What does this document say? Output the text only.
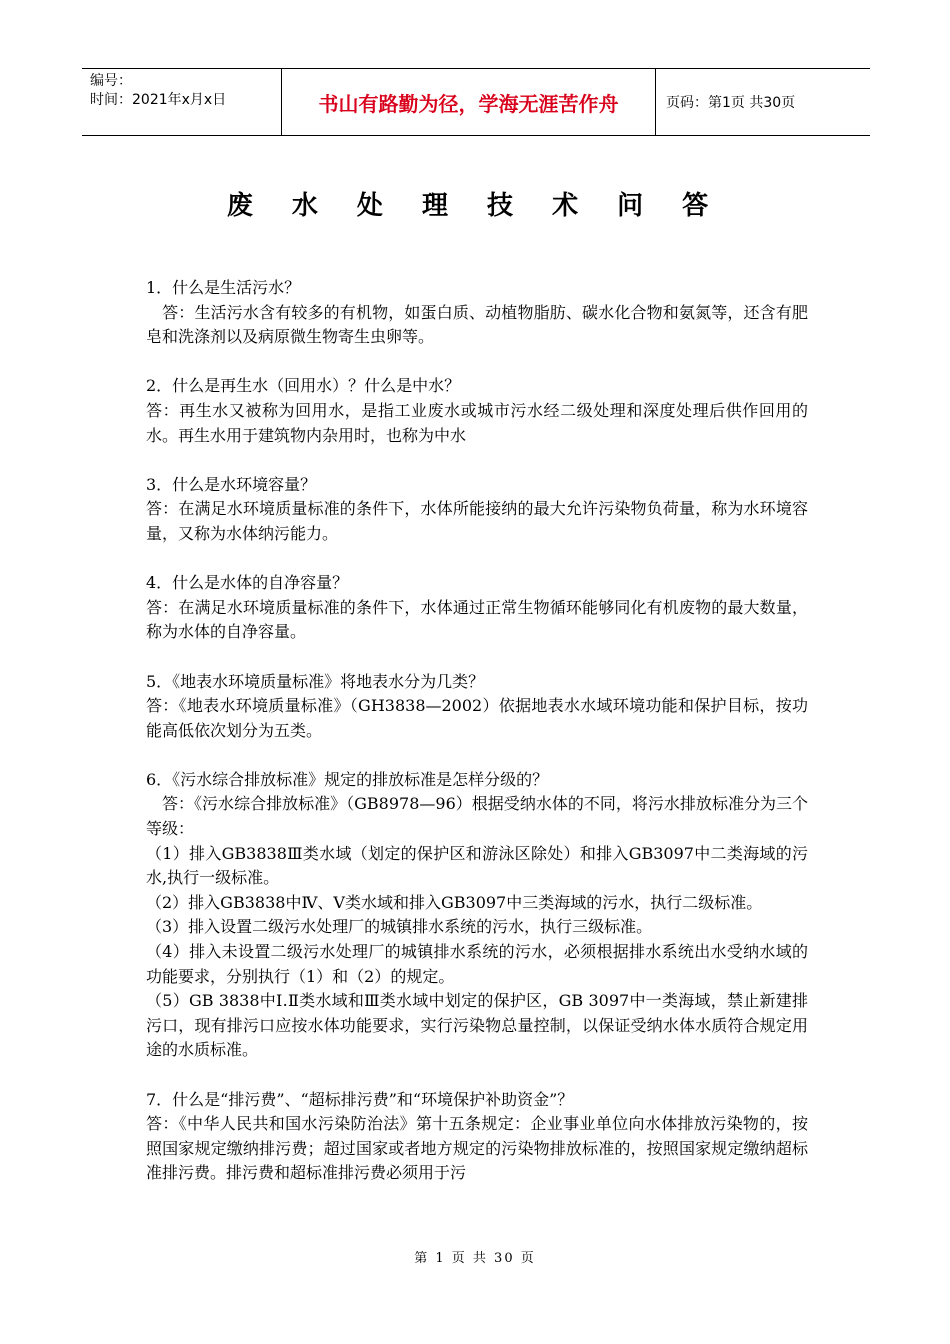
编号：
时间：2021年x月x日	书山有路勤为径，学海无涯苦作舟	页码：第1页 共30页
废 水 处 理 技 术 问 答
1．什么是生活污水？
　答：生活污水含有较多的有机物，如蛋白质、动植物脂肪、碳水化合物和氨氮等，还含有肥皂和洗涤剂以及病原微生物寄生虫卵等。
2．什么是再生水（回用水）？什么是中水？
答：再生水又被称为回用水，是指工业废水或城市污水经二级处理和深度处理后供作回用的水。再生水用于建筑物内杂用时，也称为中水
3．什么是水环境容量？
答：在满足水环境质量标准的条件下，水体所能接纳的最大允许污染物负荷量，称为水环境容量，又称为水体纳污能力。
4．什么是水体的自净容量？
答：在满足水环境质量标准的条件下，水体通过正常生物循环能够同化有机废物的最大数量，称为水体的自净容量。
5．《地表水环境质量标准》将地表水分为几类？
答：《地表水环境质量标准》（GH3838—2002）依据地表水水域环境功能和保护目标，按功能高低依次划分为五类。
6．《污水综合排放标准》规定的排放标准是怎样分级的？
　答：《污水综合排放标准》（GB8978—96）根据受纳水体的不同，将污水排放标准分为三个等级：
（1）排入GB3838Ⅲ类水域（划定的保护区和游泳区除处）和排入GB3097中二类海域的污水,执行一级标准。
（2）排入GB3838中Ⅳ、Ⅴ类水域和排入GB3097中三类海域的污水，执行二级标准。
（3）排入设置二级污水处理厂的城镇排水系统的污水，执行三级标准。
（4）排入未设置二级污水处理厂的城镇排水系统的污水，必须根据排水系统出水受纳水域的功能要求，分别执行（1）和（2）的规定。
（5）GB 3838中Ⅰ.Ⅱ类水域和Ⅲ类水域中划定的保护区，GB 3097中一类海域，禁止新建排污口，现有排污口应按水体功能要求，实行污染物总量控制，以保证受纳水体水质符合规定用途的水质标准。
7．什么是“排污费”、“超标排污费”和“环境保护补助资金”？
答：《中华人民共和国水污染防治法》第十五条规定：企业事业单位向水体排放污染物的，按照国家规定缴纳排污费；超过国家或者地方规定的污染物排放标准的，按照国家规定缴纳超标准排污费。排污费和超标准排污费必须用于污
第 1 页 共 30 页
